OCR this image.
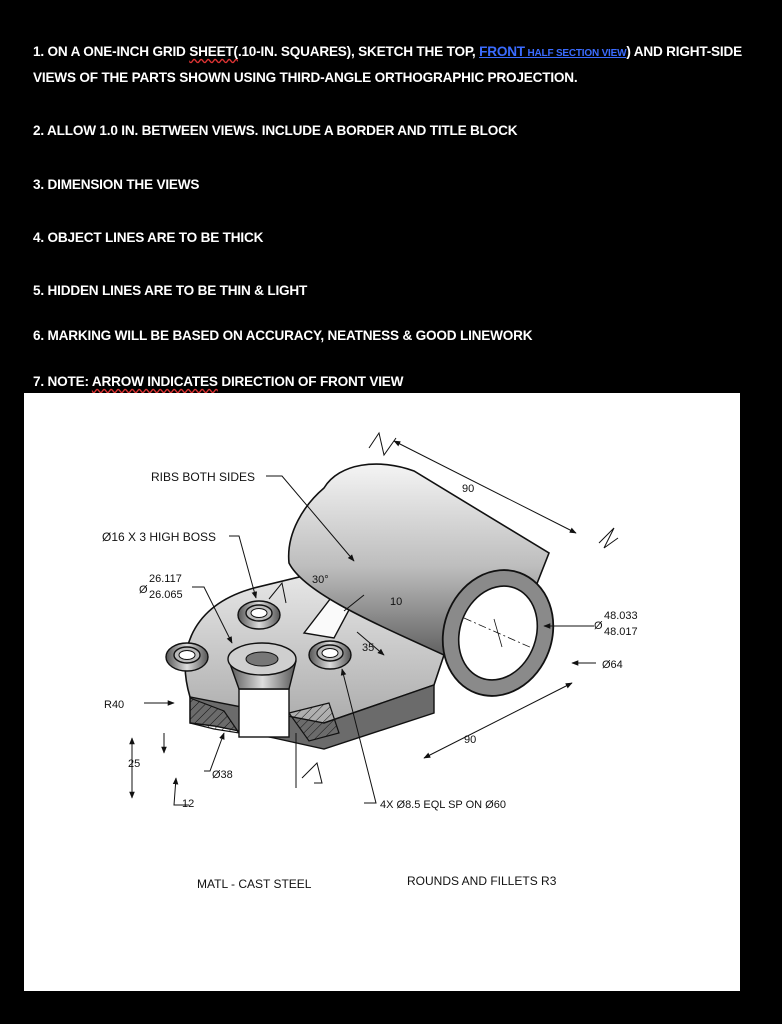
1. ON A ONE-INCH GRID SHEET(.10-IN. SQUARES), SKETCH THE TOP, FRONT HALF SECTION VIEW) AND RIGHT-SIDE
VIEWS OF THE PARTS SHOWN USING THIRD-ANGLE ORTHOGRAPHIC PROJECTION.
2. ALLOW 1.0 IN. BETWEEN VIEWS. INCLUDE A BORDER AND TITLE BLOCK
3. DIMENSION THE VIEWS
4. OBJECT LINES ARE TO BE THICK
5. HIDDEN LINES ARE TO BE THIN & LIGHT
6. MARKING WILL BE BASED ON ACCURACY, NEATNESS & GOOD LINEWORK
7. NOTE: ARROW INDICATES DIRECTION OF FRONT VIEW
RIBS BOTH SIDES
Ø16 X 3 HIGH BOSS
Ø
26.117
26.065
30°
10
35
90
90
Ø
48.033
48.017
Ø64
R40
25
Ø38
12	4X Ø8.5 EQL SP ON Ø60
MATL - CAST STEEL	ROUNDS AND FILLETS R3
